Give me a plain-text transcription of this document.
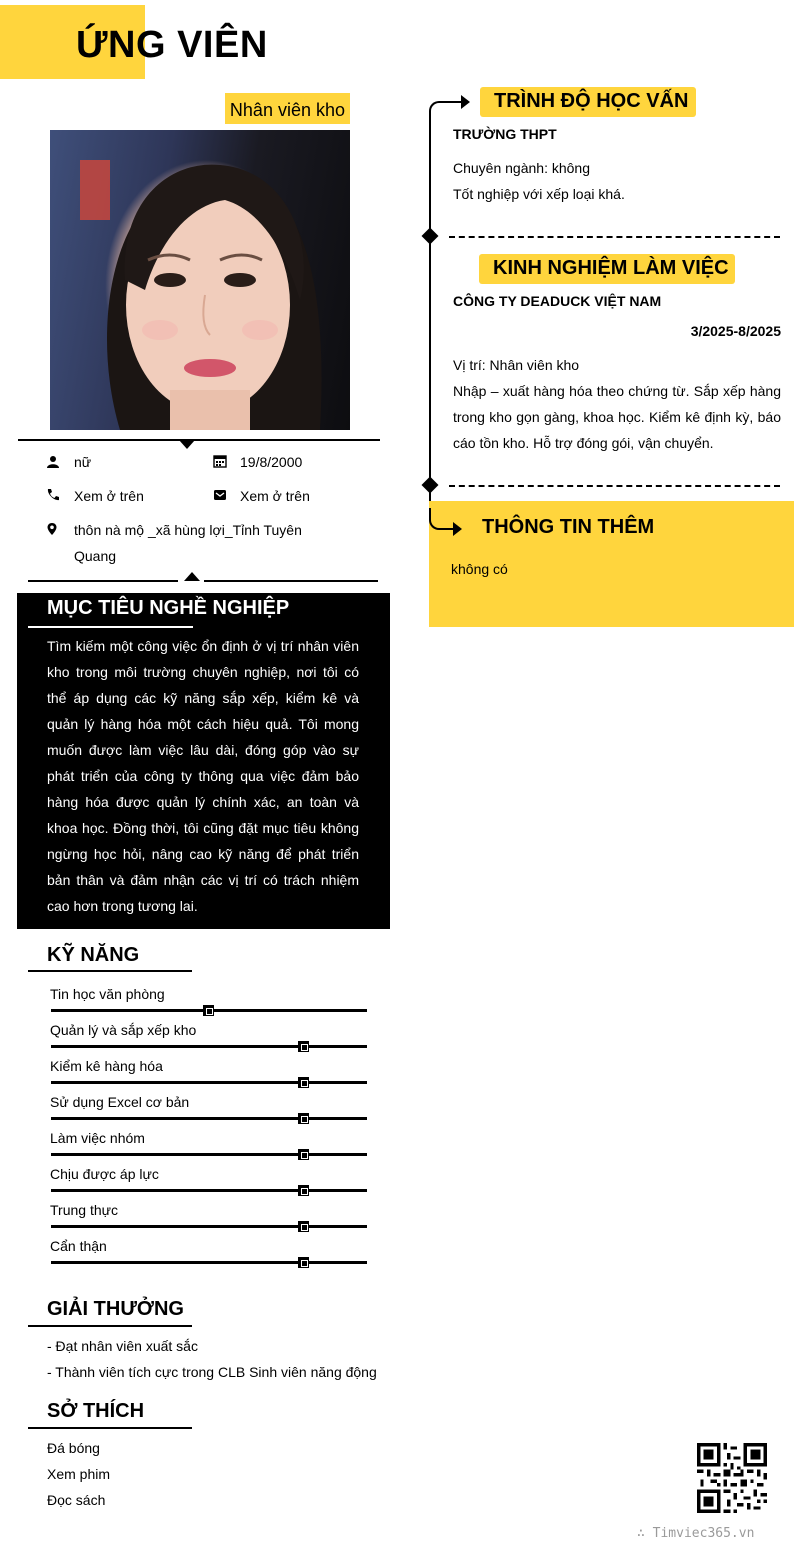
ỨNG VIÊN
Nhân viên kho
nữ	19/8/2000
Xem ở trên	Xem ở trên
thôn nà mộ _xã hùng lợi_Tỉnh Tuyên
Quang
MỤC TIÊU NGHỀ NGHIỆP
Tìm kiếm một công việc ổn định ở vị trí nhân viên kho trong môi trường chuyên nghiệp, nơi tôi có thể áp dụng các kỹ năng sắp xếp, kiểm kê và quản lý hàng hóa một cách hiệu quả. Tôi mong muốn được làm việc lâu dài, đóng góp vào sự phát triển của công ty thông qua việc đảm bảo hàng hóa được quản lý chính xác, an toàn và khoa học. Đồng thời, tôi cũng đặt mục tiêu không ngừng học hỏi, nâng cao kỹ năng để phát triển bản thân và đảm nhận các vị trí có trách nhiệm cao hơn trong tương lai.
KỸ NĂNG
Tin học văn phòng
Quản lý và sắp xếp kho
Kiểm kê hàng hóa
Sử dụng Excel cơ bản
Làm việc nhóm
Chịu được áp lực
Trung thực
Cẩn thận
GIẢI THƯỞNG
- Đạt nhân viên xuất sắc
- Thành viên tích cực trong CLB Sinh viên năng động
SỞ THÍCH
Đá bóng
Xem phim
Đọc sách
TRÌNH ĐỘ HỌC VẤN
TRƯỜNG THPT
Chuyên ngành: không
Tốt nghiệp với xếp loại khá.
KINH NGHIỆM LÀM VIỆC
CÔNG TY DEADUCK VIỆT NAM
3/2025-8/2025
Vị trí: Nhân viên kho
Nhập – xuất hàng hóa theo chứng từ. Sắp xếp hàng trong kho gọn gàng, khoa học. Kiểm kê định kỳ, báo cáo tồn kho. Hỗ trợ đóng gói, vận chuyển.
THÔNG TIN THÊM
không có
∴ Timviec365.vn
